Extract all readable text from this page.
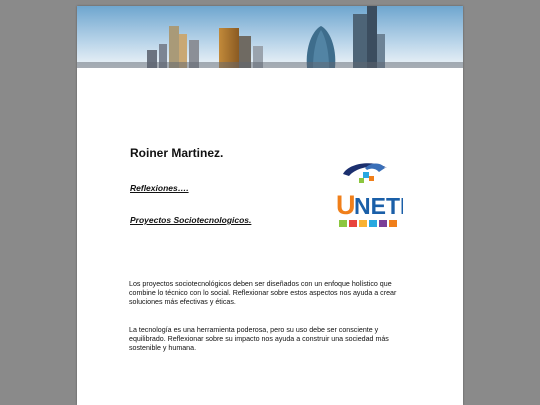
Roiner Martinez.
Reflexiones….
Proyectos Sociotecnologicos.	U
NETI
Los proyectos sociotecnológicos deben ser diseñados con un enfoque holístico que combine lo técnico con lo social. Reflexionar sobre estos aspectos nos ayuda a crear soluciones más efectivas y éticas.
La tecnología es una herramienta poderosa, pero su uso debe ser consciente y equilibrado. Reflexionar sobre su impacto nos ayuda a construir una sociedad más sostenible y humana.
